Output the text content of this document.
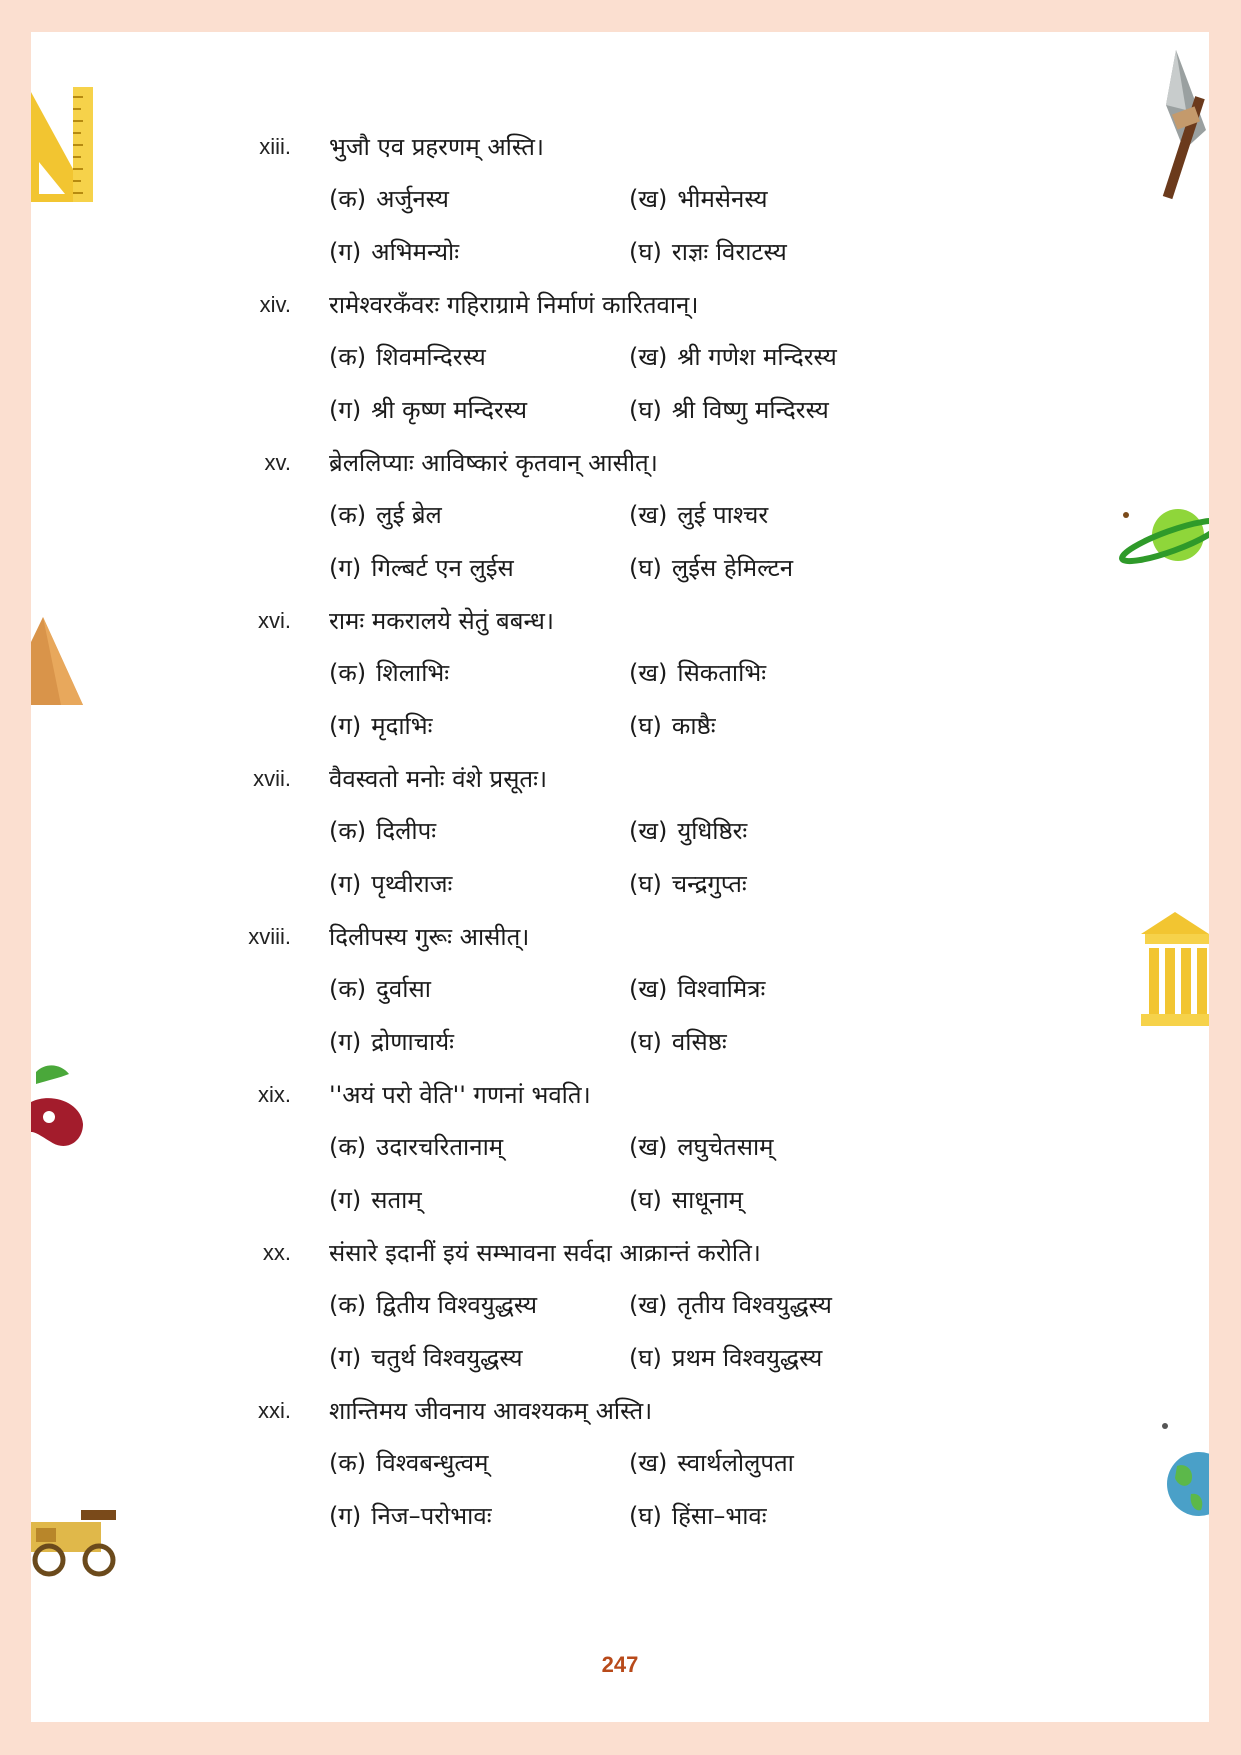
xiii. भुजौ एव प्रहरणम् अस्ति।
(क) अर्जुनस्य	(ख) भीमसेनस्य
(ग) अभिमन्योः	(घ) राज्ञः विराटस्य
xiv. रामेश्वरकँवरः गहिराग्रामे निर्माणं कारितवान्।
(क) शिवमन्दिरस्य	(ख) श्री गणेश मन्दिरस्य
(ग) श्री कृष्ण मन्दिरस्य	(घ) श्री विष्णु मन्दिरस्य
xv. ब्रेललिप्याः आविष्कारं कृतवान् आसीत्।
(क) लुई ब्रेल	(ख) लुई पाश्चर
(ग) गिल्बर्ट एन लुईस	(घ) लुईस हेमिल्टन
xvi. रामः मकरालये सेतुं बबन्ध।
(क) शिलाभिः	(ख) सिकताभिः
(ग) मृदाभिः	(घ) काष्ठैः
xvii. वैवस्वतो मनोः वंशे प्रसूतः।
(क) दिलीपः	(ख) युधिष्ठिरः
(ग) पृथ्वीराजः	(घ) चन्द्रगुप्तः
xviii. दिलीपस्य गुरूः आसीत्।
(क) दुर्वासा	(ख) विश्वामित्रः
(ग) द्रोणाचार्यः	(घ) वसिष्ठः
xix. ''अयं परो वेति'' गणनां भवति।
(क) उदारचरितानाम्	(ख) लघुचेतसाम्
(ग) सताम्	(घ) साधूनाम्
xx. संसारे इदानीं इयं सम्भावना सर्वदा आक्रान्तं करोति।
(क) द्वितीय विश्वयुद्धस्य	(ख) तृतीय विश्वयुद्धस्य
(ग) चतुर्थ विश्वयुद्धस्य	(घ) प्रथम विश्वयुद्धस्य
xxi. शान्तिमय जीवनाय आवश्यकम् अस्ति।
(क) विश्वबन्धुत्वम्	(ख) स्वार्थलोलुपता
(ग) निज–परोभावः	(घ) हिंसा–भावः
247
